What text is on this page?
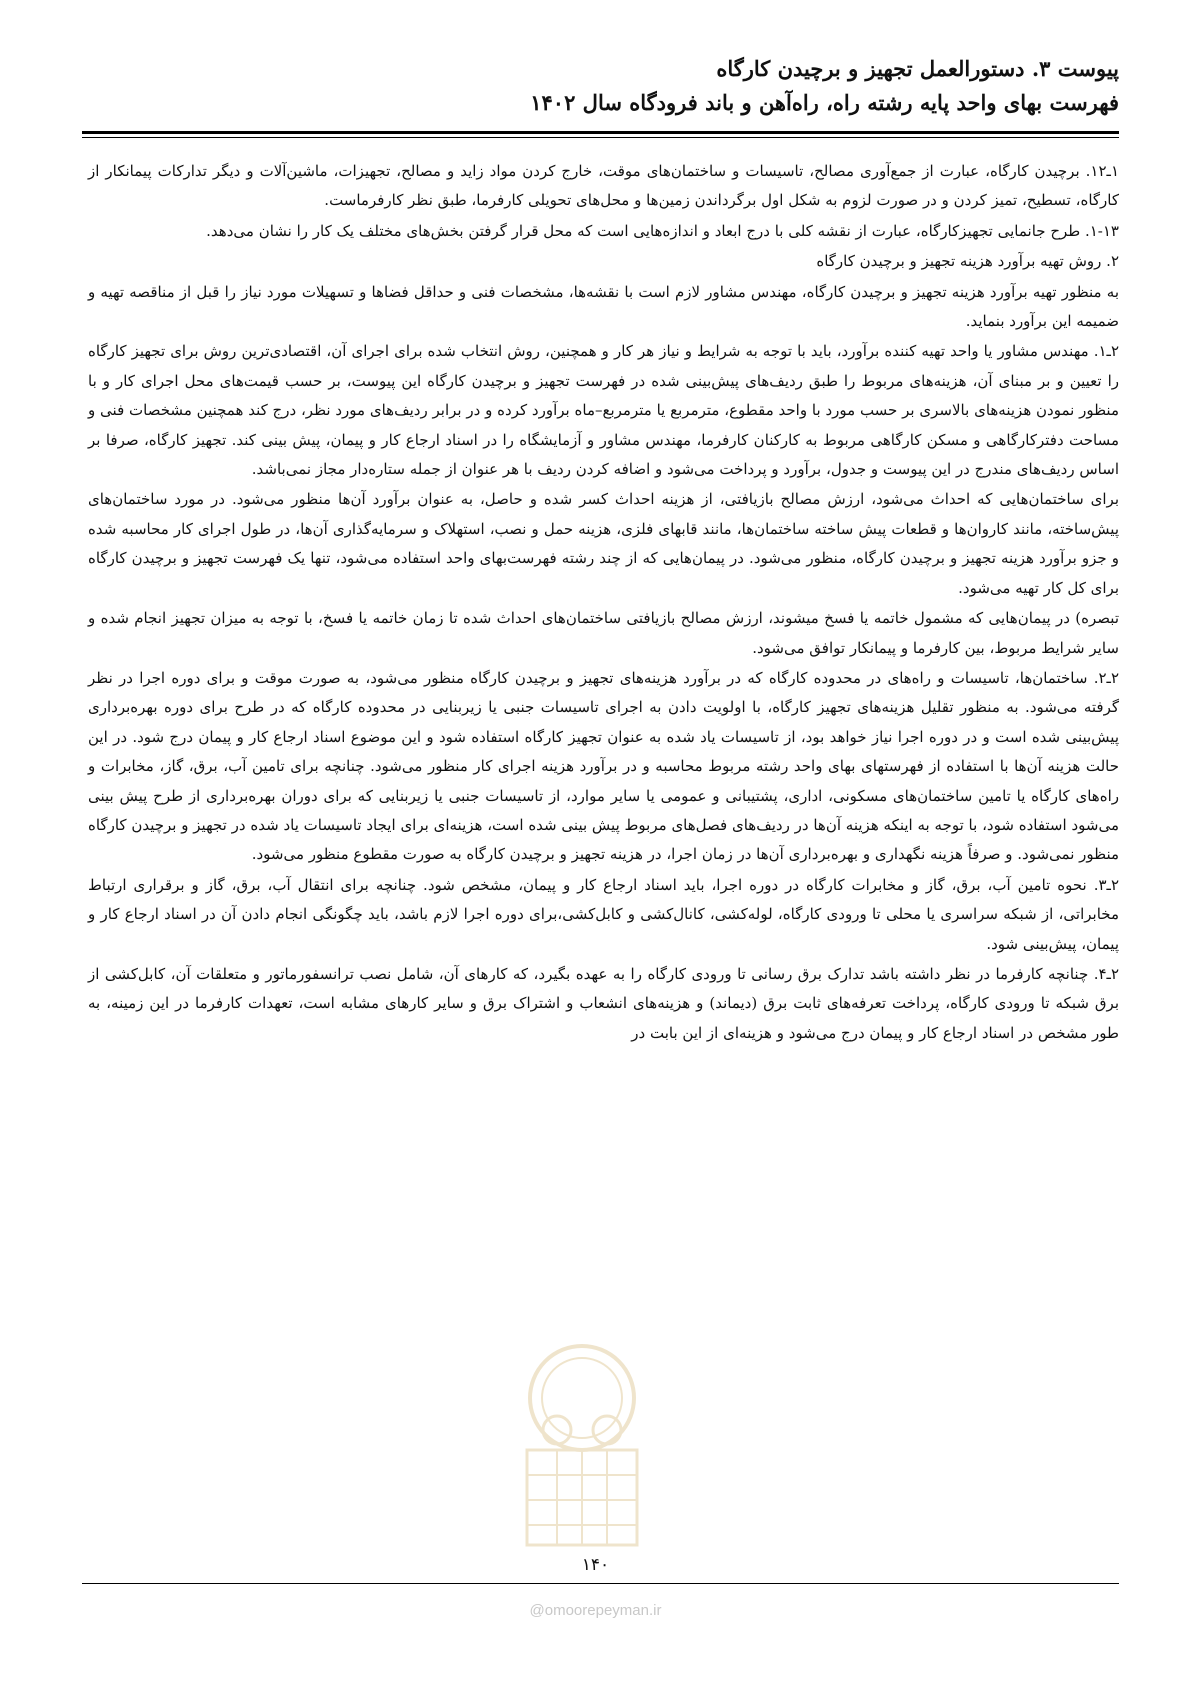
پیوست ۳. دستورالعمل تجهیز و برچیدن کارگاه
فهرست بهای واحد پایه رشته راه، راه‌آهن و باند فرودگاه سال ۱۴۰۲

۱ـ۱۲. برچیدن کارگاه، عبارت از جمع‌آوری مصالح، تاسیسات و ساختمان‌های موقت، خارج کردن مواد زاید و مصالح، تجهیزات، ماشین‌آلات و دیگر تدارکات پیمانکار از کارگاه، تسطیح، تمیز کردن و در صورت لزوم به شکل اول برگرداندن زمین‌ها و محل‌های تحویلی کارفرما، طبق نظر کارفرماست.

۱-۱۳. طرح جانمایی تجهیزکارگاه، عبارت از نقشه کلی با درج ابعاد و اندازه‌هایی است که محل قرار گرفتن بخش‌های مختلف یک کار را نشان می‌دهد.

۲. روش تهیه برآورد هزینه تجهیز و برچیدن کارگاه

به منظور تهیه برآورد هزینه تجهیز و برچیدن کارگاه، مهندس مشاور لازم است با نقشه‌ها، مشخصات فنی و حداقل فضاها و تسهیلات مورد نیاز را قبل از مناقصه تهیه و ضمیمه این برآورد بنماید.

۲ـ۱. مهندس مشاور یا واحد تهیه کننده برآورد، باید با توجه به شرایط و نیاز هر کار و همچنین، روش انتخاب شده برای اجرای آن، اقتصادی‌ترین روش برای تجهیز کارگاه را تعیین و بر مبنای آن، هزینه‌های مربوط را طبق ردیف‌های پیش‌بینی شده در فهرست تجهیز و برچیدن کارگاه این پیوست، بر حسب قیمت‌های محل اجرای کار و با منظور نمودن هزینه‌های بالاسری بر حسب مورد با واحد مقطوع، مترمربع یا مترمربع–ماه برآورد کرده و در برابر ردیف‌های مورد نظر، درج کند همچنین مشخصات فنی و مساحت دفترکارگاهی و مسکن کارگاهی مربوط به کارکنان کارفرما، مهندس مشاور و آزمایشگاه را در اسناد ارجاع کار و پیمان، پیش بینی کند. تجهیز کارگاه، صرفا بر اساس ردیف‌های مندرج در این پیوست و جدول، برآورد و پرداخت می‌شود و اضافه کردن ردیف با هر عنوان از جمله ستاره‌دار مجاز نمی‌باشد.

برای ساختمان‌هایی که احداث می‌شود، ارزش مصالح بازیافتی، از هزینه احداث کسر شده و حاصل، به عنوان برآورد آن‌ها منظور می‌شود. در مورد ساختمان‌های پیش‌ساخته، مانند کاروان‌ها و قطعات پیش ساخته ساختمان‌ها، مانند قابهای فلزی، هزینه حمل و نصب، استهلاک و سرمایه‌گذاری آن‌ها، در طول اجرای کار محاسبه شده و جزو برآورد هزینه تجهیز و برچیدن کارگاه، منظور می‌شود. در پیمان‌هایی که از چند رشته فهرست‌بهای واحد استفاده می‌شود، تنها یک فهرست تجهیز و برچیدن کارگاه برای کل کار تهیه می‌شود.

تبصره) در پیمان‌هایی که مشمول خاتمه یا فسخ میشوند، ارزش مصالح بازیافتی ساختمان‌های احداث شده تا زمان خاتمه یا فسخ، با توجه به میزان تجهیز انجام شده و سایر شرایط مربوط، بین کارفرما و پیمانکار توافق می‌شود.

۲ـ۲. ساختمان‌ها، تاسیسات و راه‌های در محدوده کارگاه که در برآورد هزینه‌های تجهیز و برچیدن کارگاه منظور می‌شود، به صورت موقت و برای دوره اجرا در نظر گرفته می‌شود. به منظور تقلیل هزینه‌های تجهیز کارگاه، با اولویت دادن به اجرای تاسیسات جنبی یا زیربنایی در محدوده کارگاه که در طرح برای دوره بهره‌برداری پیش‌بینی شده است و در دوره اجرا نیاز خواهد بود، از تاسیسات یاد شده به عنوان تجهیز کارگاه استفاده شود و این موضوع اسناد ارجاع کار و پیمان درج شود. در این حالت هزینه آن‌ها با استفاده از فهرستهای بهای واحد رشته مربوط محاسبه و در برآورد هزینه اجرای کار منظور می‌شود. چنانچه برای تامین آب، برق، گاز، مخابرات و راه‌های کارگاه یا تامین ساختمان‌های مسکونی، اداری، پشتیبانی و عمومی یا سایر موارد، از تاسیسات جنبی یا زیربنایی که برای دوران بهره‌برداری از طرح پیش بینی می‌شود استفاده شود، با توجه به اینکه هزینه آن‌ها در ردیف‌های فصل‌های مربوط پیش بینی شده است، هزینه‌ای برای ایجاد تاسیسات یاد شده در تجهیز و برچیدن کارگاه منظور نمی‌شود. و صرفاً هزینه نگهداری و بهره‌برداری آن‌ها در زمان اجرا، در هزینه تجهیز و برچیدن کارگاه به صورت مقطوع منظور می‌شود.

۲ـ۳. نحوه تامین آب، برق، گاز و مخابرات کارگاه در دوره اجرا، باید اسناد ارجاع کار و پیمان، مشخص شود. چنانچه برای انتقال آب، برق، گاز و برقراری ارتباط مخابراتی، از شبکه سراسری یا محلی تا ورودی کارگاه، لوله‌کشی، کانال‌کشی و کابل‌کشی،برای دوره اجرا لازم باشد، باید چگونگی انجام دادن آن در اسناد ارجاع کار و پیمان، پیش‌بینی شود.

۲ـ۴. چنانچه کارفرما در نظر داشته باشد تدارک برق رسانی تا ورودی کارگاه را به عهده بگیرد، که کارهای آن، شامل نصب ترانسفورماتور و متعلقات آن، کابل‌کشی از برق شبکه تا ورودی کارگاه، پرداخت تعرفه‌های ثابت برق (دیماند) و هزینه‌های انشعاب و اشتراک برق و سایر کارهای مشابه است، تعهدات کارفرما در این زمینه، به طور مشخص در اسناد ارجاع کار و پیمان درج می‌شود و هزینه‌ای از این بابت در

۱۴۰
@omoorepeyman.ir
